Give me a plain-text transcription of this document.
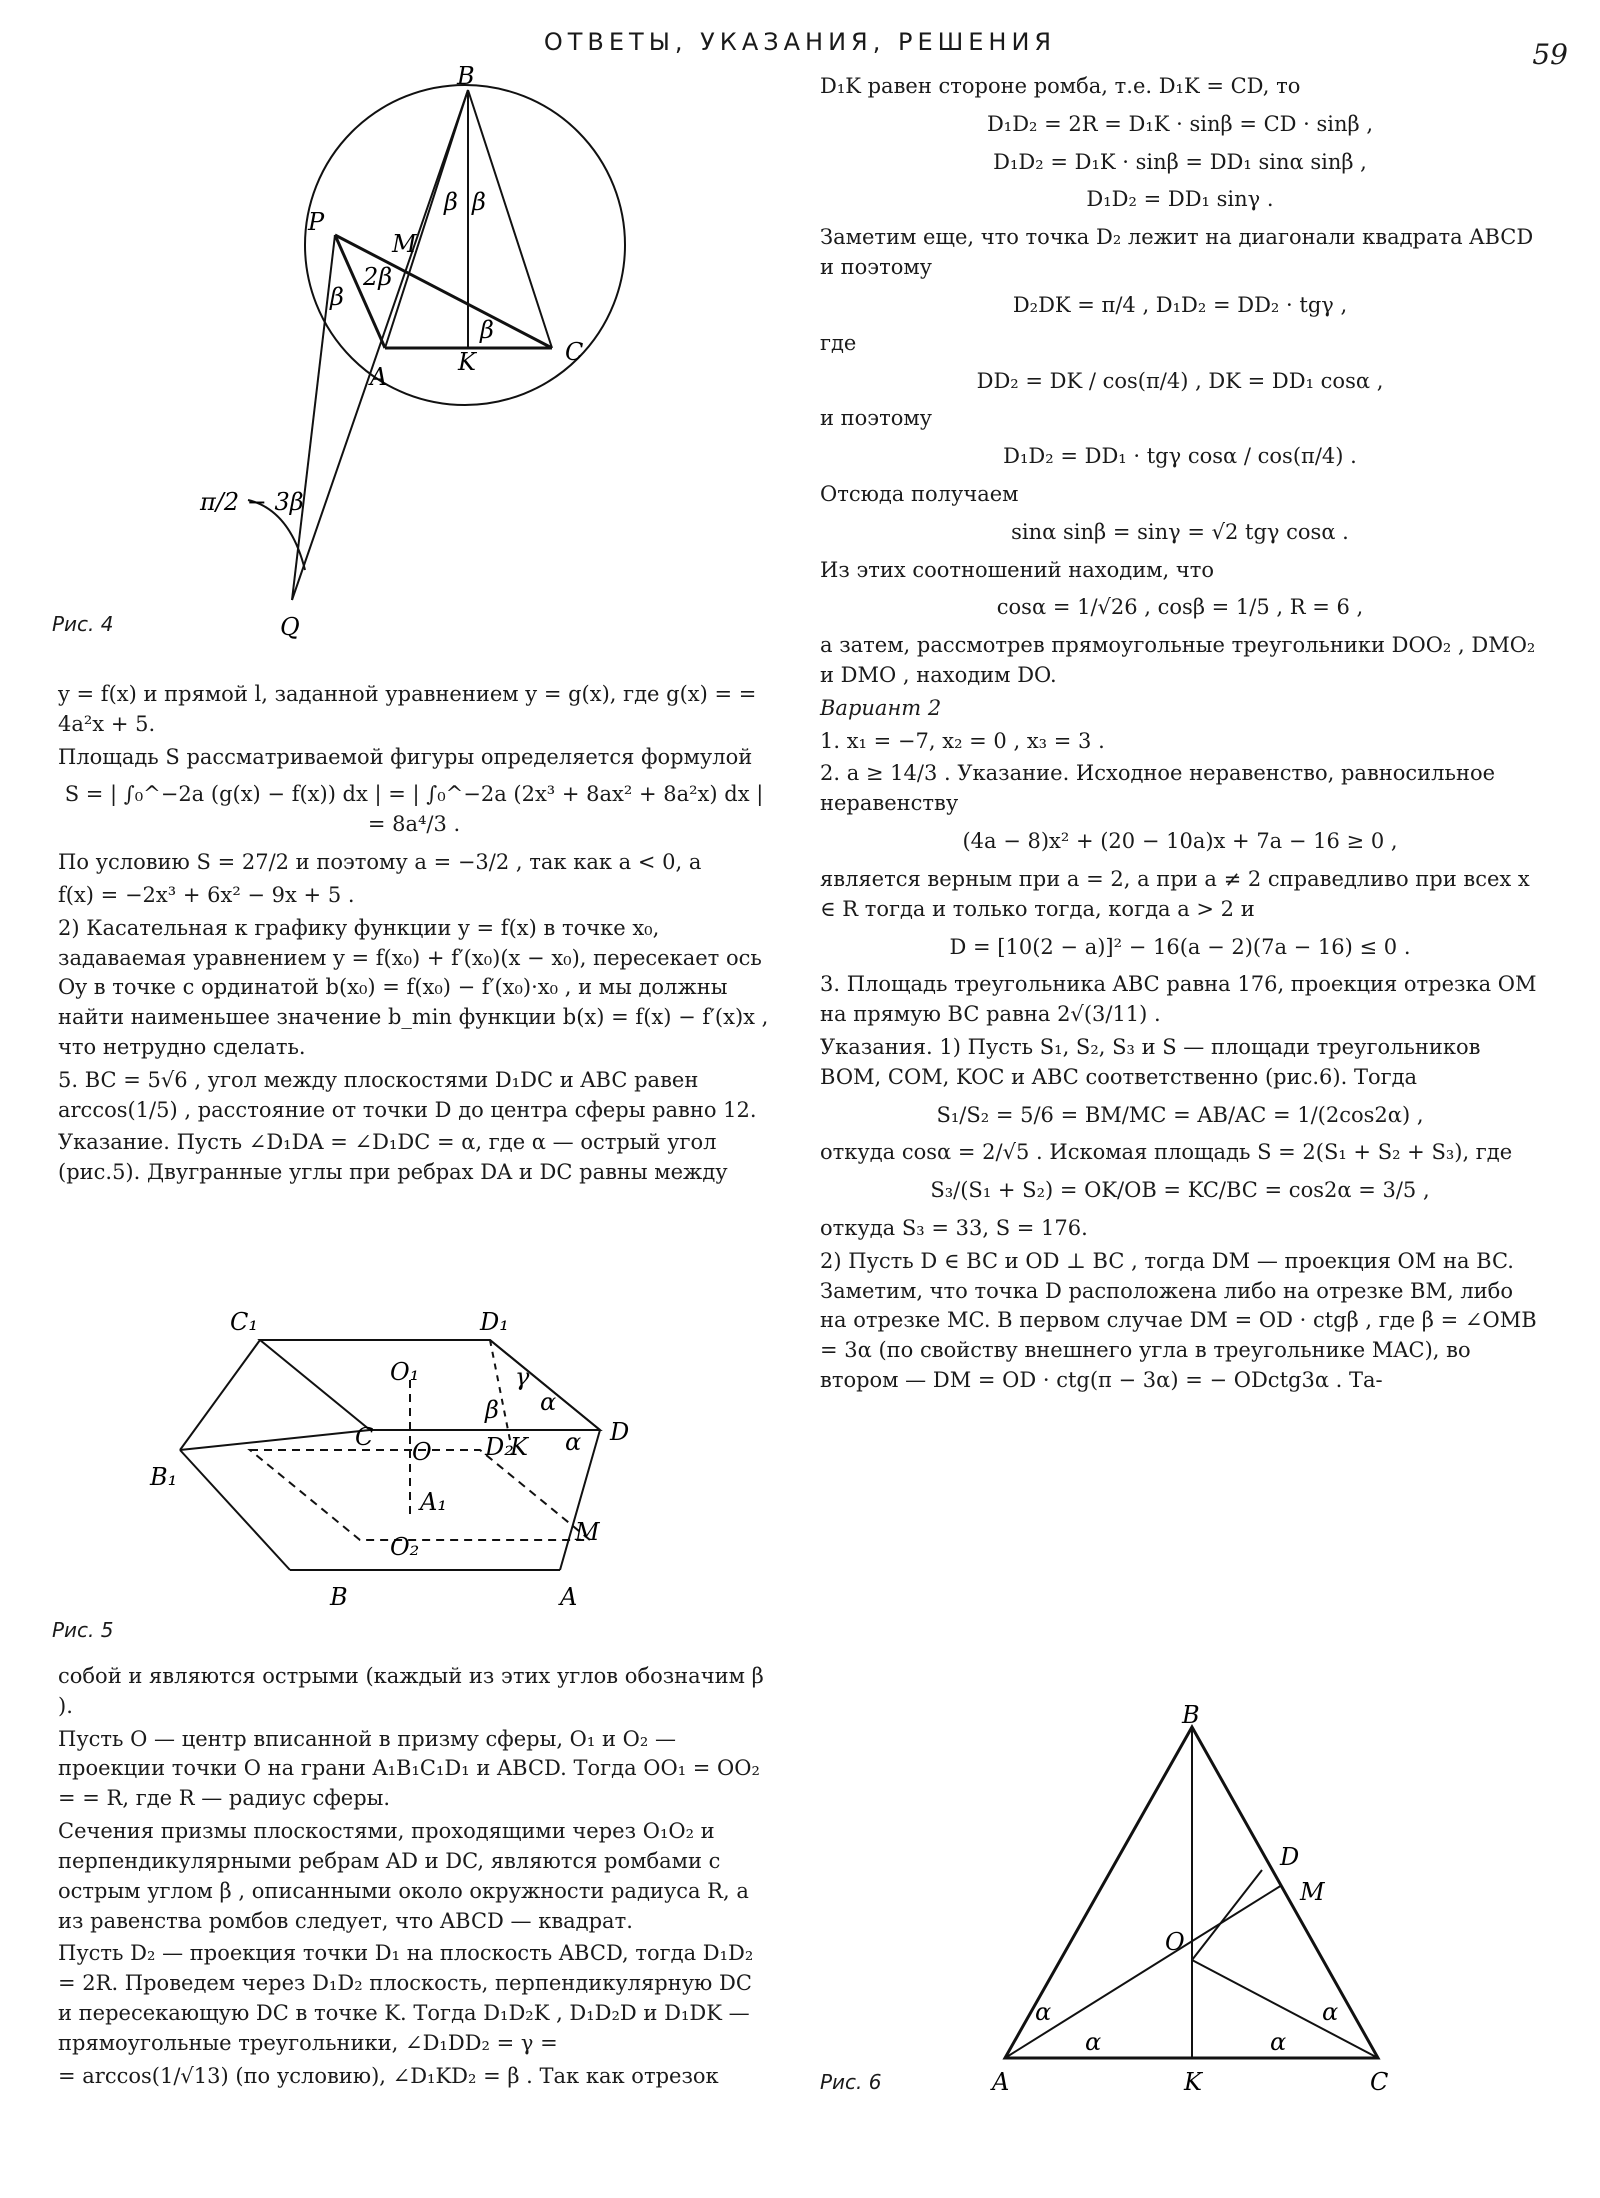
ОТВЕТЫ, УКАЗАНИЯ, РЕШЕНИЯ	59
B
P
M
A
K	C
Q
β β
2β
β
β
π/2 − 3β
Рис. 4
C₁	D₁
O₁
C
O D₂
K
D
B₁
A₁
O₂
M
B	A
β
γ
α
α
Рис. 5
B
D
M
O
A	K	C
α
α	α
α
Рис. 6

y = f(x) и прямой l, заданной уравнением y = g(x), где g(x) = = 4a²x + 5.

Площадь S рассматриваемой фигуры определяется формулой

S = | ∫₀^−2a (g(x) − f(x)) dx | = | ∫₀^−2a (2x³ + 8ax² + 8a²x) dx | = 8a⁴/3 .

По условию S = 27/2 и поэтому a = −3/2 , так как a < 0, а

f(x) = −2x³ + 6x² − 9x + 5 .

2) Касательная к графику функции y = f(x) в точке x₀, задаваемая уравнением y = f(x₀) + f′(x₀)(x − x₀), пересекает ось Oy в точке с ординатой b(x₀) = f(x₀) − f′(x₀)·x₀ , и мы должны найти наименьшее значение b_min функции b(x) = f(x) − f′(x)x , что нетрудно сделать.

5. BC = 5√6 , угол между плоскостями D₁DC и ABC равен arccos(1/5) , расстояние от точки D до центра сферы равно 12.

Указание. Пусть ∠D₁DA = ∠D₁DC = α, где α — острый угол (рис.5). Двугранные углы при ребрах DA и DC равны между

собой и являются острыми (каждый из этих углов обозначим β ).

Пусть O — центр вписанной в призму сферы, O₁ и O₂ — проекции точки O на грани A₁B₁C₁D₁ и ABCD. Тогда OO₁ = OO₂ = = R, где R — радиус сферы.

Сечения призмы плоскостями, проходящими через O₁O₂ и перпендикулярными ребрам AD и DC, являются ромбами с острым углом β , описанными около окружности радиуса R, а из равенства ромбов следует, что ABCD — квадрат.

Пусть D₂ — проекция точки D₁ на плоскость ABCD, тогда D₁D₂ = 2R. Проведем через D₁D₂ плоскость, перпендикулярную DC и пересекающую DC в точке K. Тогда D₁D₂K , D₁D₂D и D₁DK — прямоугольные треугольники, ∠D₁DD₂ = γ =

= arccos(1/√13) (по условию), ∠D₁KD₂ = β . Так как отрезок

D₁K равен стороне ромба, т.е. D₁K = CD, то

D₁D₂ = 2R = D₁K · sinβ = CD · sinβ ,

D₁D₂ = D₁K · sinβ = DD₁ sinα sinβ ,

D₁D₂ = DD₁ sinγ .

Заметим еще, что точка D₂ лежит на диагонали квадрата ABCD и поэтому

D₂DK = π/4 , D₁D₂ = DD₂ · tgγ ,

где

DD₂ = DK / cos(π/4) , DK = DD₁ cosα ,

и поэтому

D₁D₂ = DD₁ · tgγ cosα / cos(π/4) .

Отсюда получаем

sinα sinβ = sinγ = √2 tgγ cosα .

Из этих соотношений находим, что

cosα = 1/√26 , cosβ = 1/5 , R = 6 ,

а затем, рассмотрев прямоугольные треугольники DOO₂ , DMO₂ и DMO , находим DO.

Вариант 2

1. x₁ = −7, x₂ = 0 , x₃ = 3 .

2. a ≥ 14/3 . Указание. Исходное неравенство, равносильное неравенству

(4a − 8)x² + (20 − 10a)x + 7a − 16 ≥ 0 ,

является верным при a = 2, а при a ≠ 2 справедливо при всех x ∈ R тогда и только тогда, когда a > 2 и

D = [10(2 − a)]² − 16(a − 2)(7a − 16) ≤ 0 .

3. Площадь треугольника ABC равна 176, проекция отрезка OM на прямую BC равна 2√(3/11) .

Указания. 1) Пусть S₁, S₂, S₃ и S — площади треугольников BOM, COM, KOC и ABC соответственно (рис.6). Тогда

S₁/S₂ = 5/6 = BM/MC = AB/AC = 1/(2cos2α) ,

откуда cosα = 2/√5 . Искомая площадь S = 2(S₁ + S₂ + S₃), где

S₃/(S₁ + S₂) = OK/OB = KC/BC = cos2α = 3/5 ,

откуда S₃ = 33, S = 176.

2) Пусть D ∈ BC и OD ⊥ BC , тогда DM — проекция OM на BC. Заметим, что точка D расположена либо на отрезке BM, либо на отрезке MC. В первом случае DM = OD · ctgβ , где β = ∠OMB = 3α (по свойству внешнего угла в треугольнике MAC), во втором — DM = OD · ctg(π − 3α) = − ODctg3α . Та-
